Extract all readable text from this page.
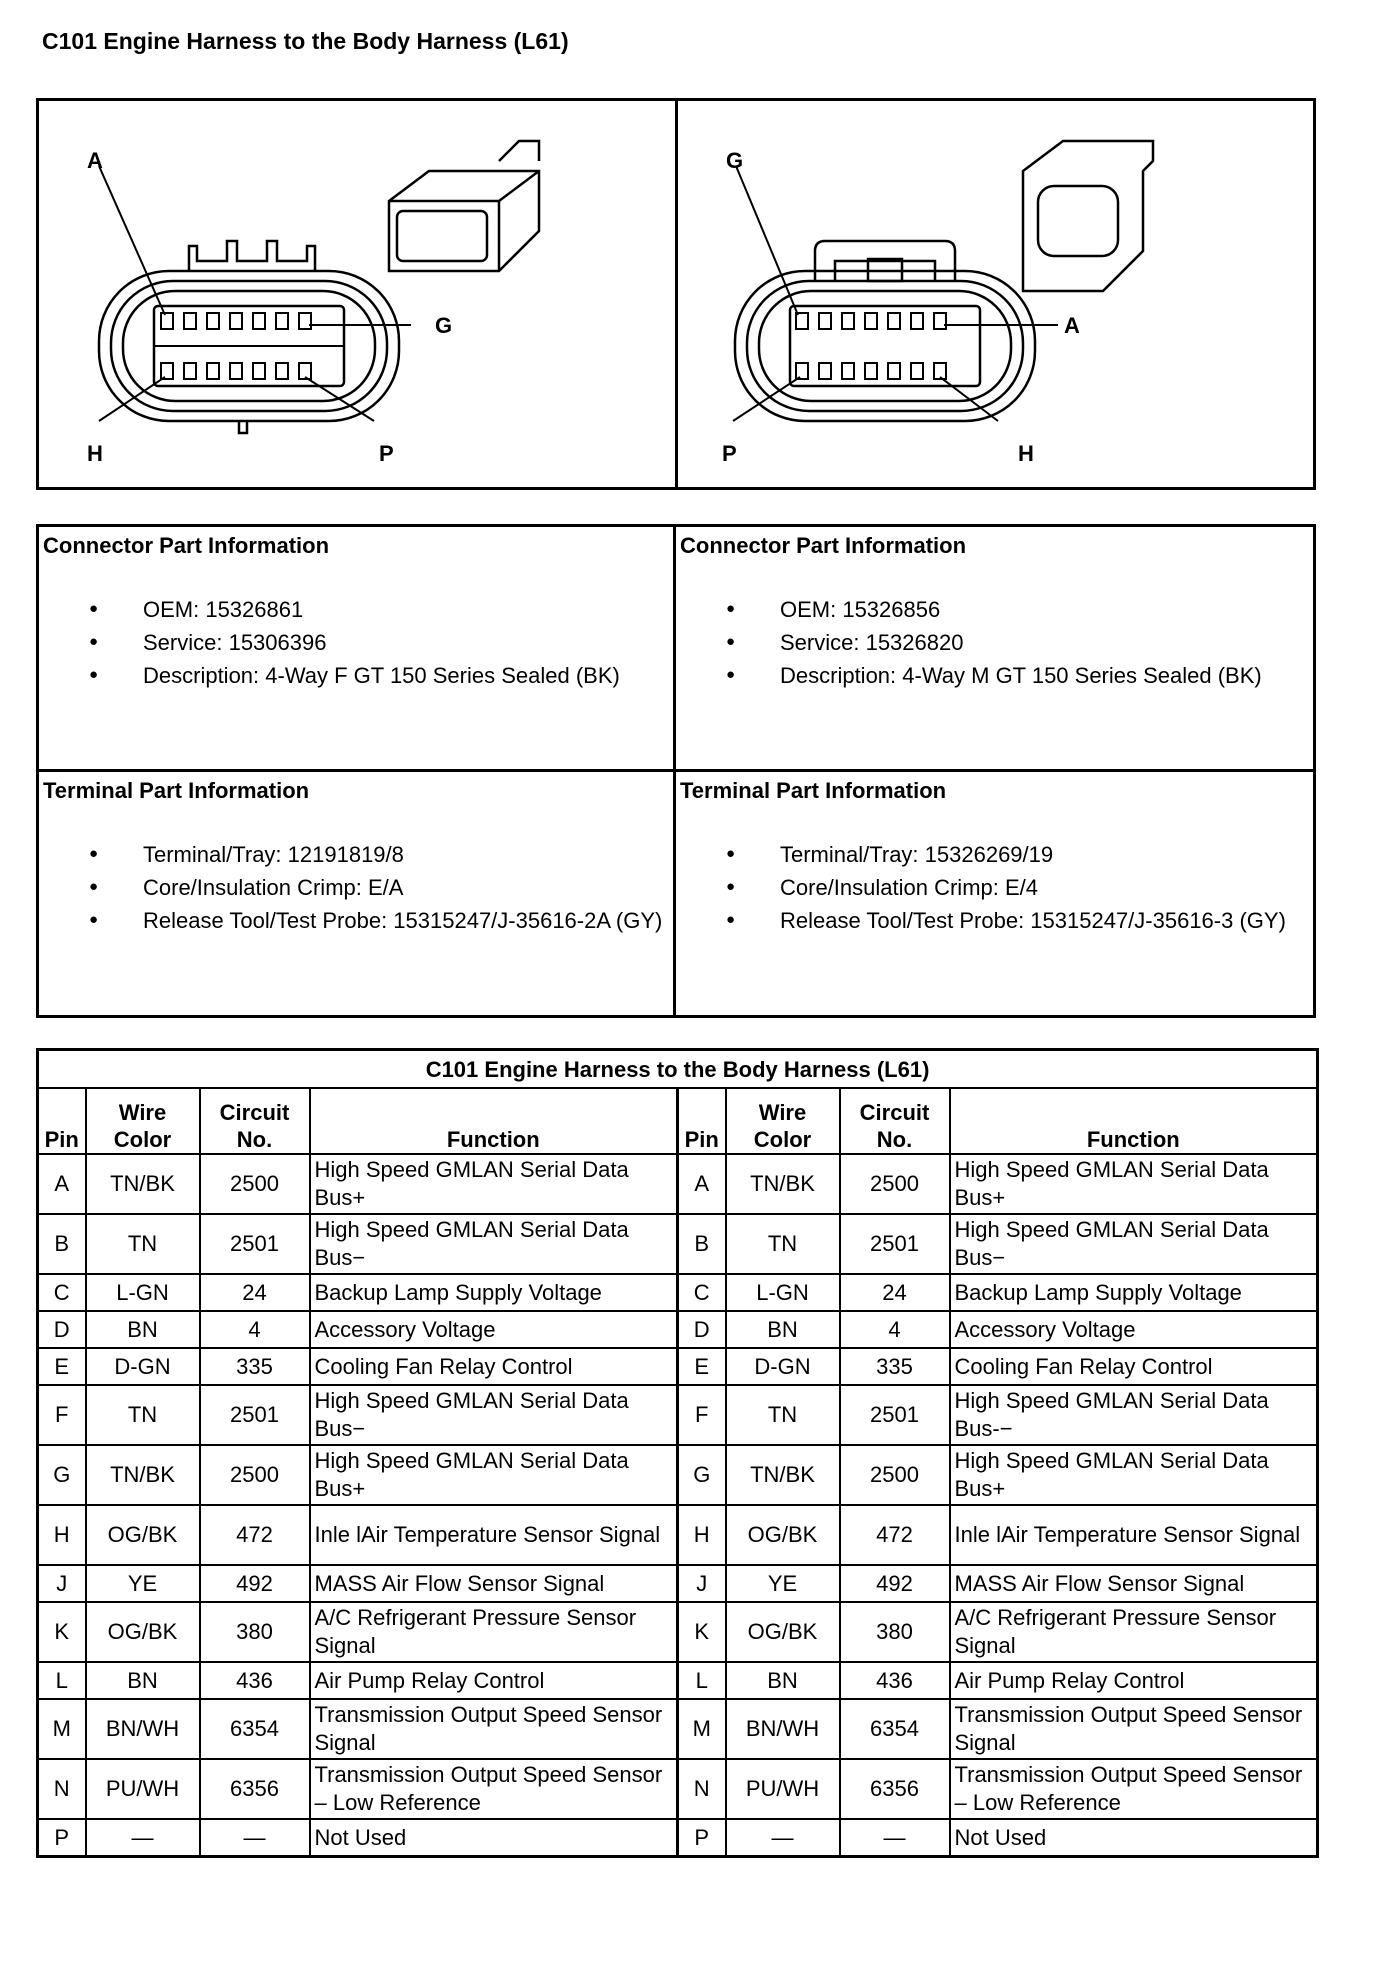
C101 Engine Harness to the Body Harness (L61)
A
G
H	P
G
A
P	H
Connector Part Information
● OEM: 15326861
● Service: 15306396
● Description: 4-Way F GT 150 Series Sealed (BK)
Connector Part Information
● OEM: 15326856
● Service: 15326820
● Description: 4-Way M GT 150 Series Sealed (BK)
Terminal Part Information
● Terminal/Tray: 12191819/8
● Core/Insulation Crimp: E/A
● Release Tool/Test Probe: 15315247/J-35616-2A (GY)
Terminal Part Information
● Terminal/Tray: 15326269/19
● Core/Insulation Crimp: E/4
● Release Tool/Test Probe: 15315247/J-35616-3 (GY)
C101 Engine Harness to the Body Harness (L61)							
Pin	Wire Color	Circuit No.	Function	Pin	Wire Color	Circuit No.	Function
A	TN/BK	2500	High Speed GMLAN Serial Data Bus+	A	TN/BK	2500	High Speed GMLAN Serial Data Bus+
B	TN	2501	High Speed GMLAN Serial Data Bus−	B	TN	2501	High Speed GMLAN Serial Data Bus−
C	L-GN	24	Backup Lamp Supply Voltage	C	L-GN	24	Backup Lamp Supply Voltage
D	BN	4	Accessory Voltage	D	BN	4	Accessory Voltage
E	D-GN	335	Cooling Fan Relay Control	E	D-GN	335	Cooling Fan Relay Control
F	TN	2501	High Speed GMLAN Serial Data Bus−	F	TN	2501	High Speed GMLAN Serial Data Bus-−
G	TN/BK	2500	High Speed GMLAN Serial Data Bus+	G	TN/BK	2500	High Speed GMLAN Serial Data Bus+
H	OG/BK	472	Inle lAir Temperature Sensor Signal	H	OG/BK	472	Inle lAir Temperature Sensor Signal
J	YE	492	MASS Air Flow Sensor Signal	J	YE	492	MASS Air Flow Sensor Signal
K	OG/BK	380	A/C Refrigerant Pressure Sensor Signal	K	OG/BK	380	A/C Refrigerant Pressure Sensor Signal
L	BN	436	Air Pump Relay Control	L	BN	436	Air Pump Relay Control
M	BN/WH	6354	Transmission Output Speed Sensor Signal	M	BN/WH	6354	Transmission Output Speed Sensor Signal
N	PU/WH	6356	Transmission Output Speed Sensor – Low Reference	N	PU/WH	6356	Transmission Output Speed Sensor – Low Reference
P	—	—	Not Used	P	—	—	Not Used
